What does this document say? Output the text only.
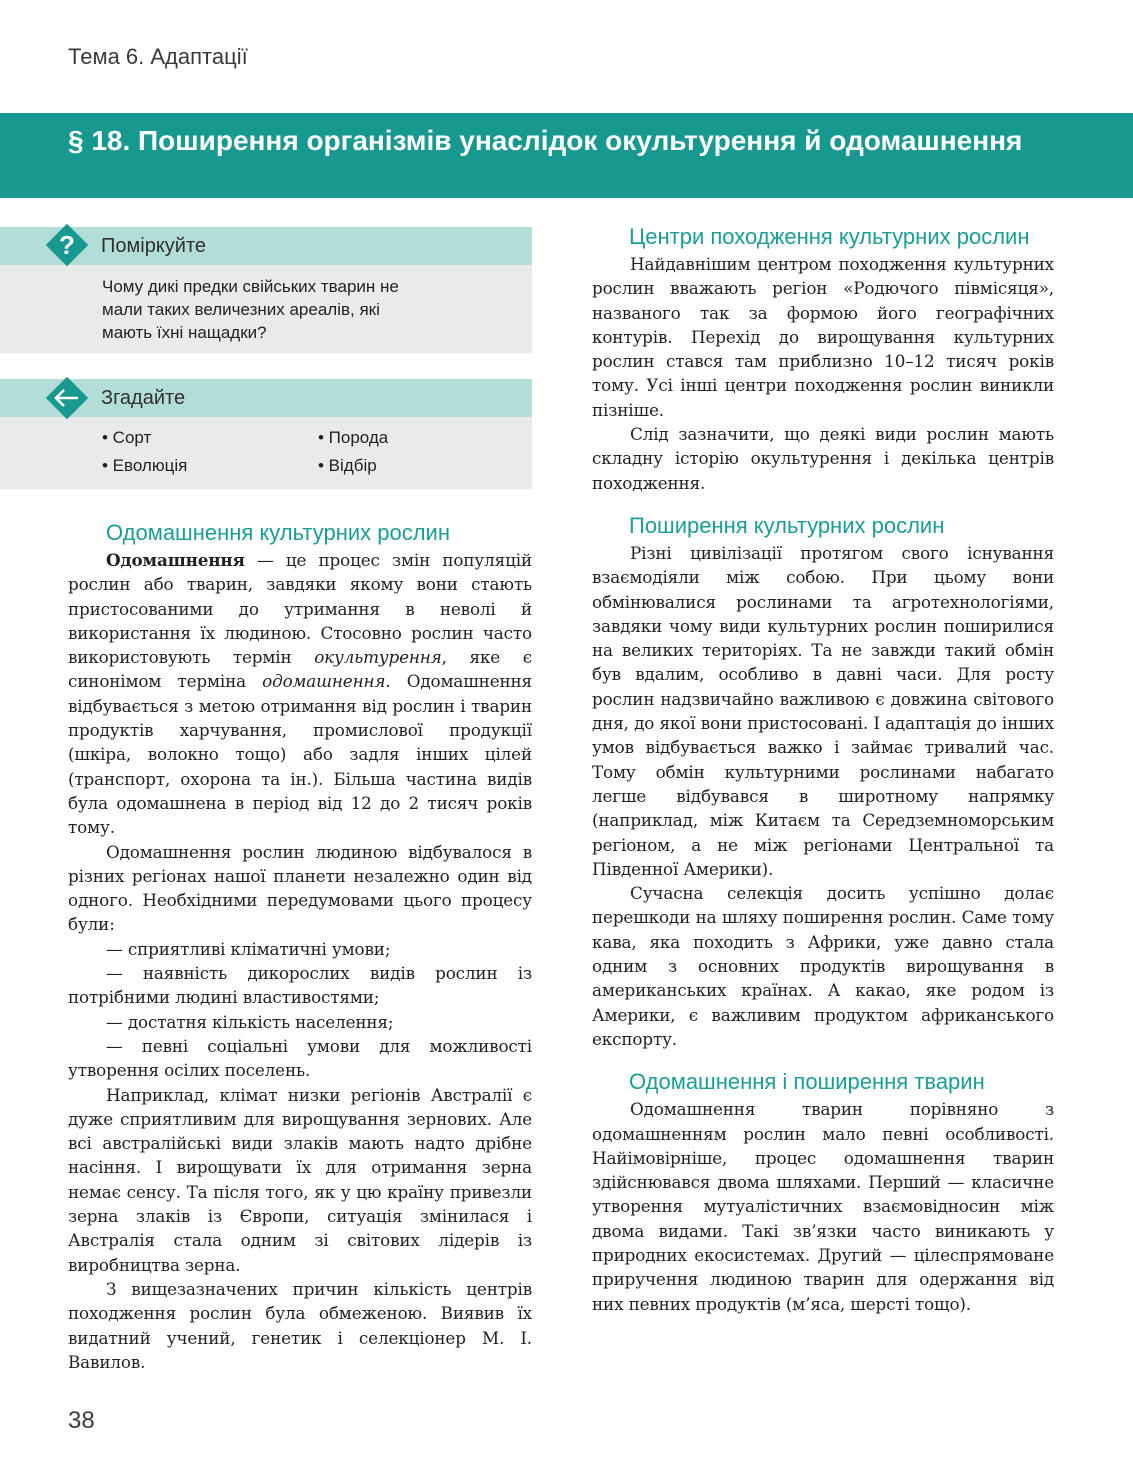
Тема 6. Адаптації
§ 18. Поширення організмів унаслідок окультурення й одомашнення
? Поміркуйте
Чому дикі предки свійських тварин не мали таких величезних ареалів, які мають їхні нащадки?
Згадайте
• Сорт	• Порода
• Еволюція	• Відбір
Одомашнення культурних рослин

Одомашнення — це процес змін популяцій рослин або тварин, завдяки якому вони стають пристосованими до утримання в неволі й використання їх людиною. Стосовно рослин часто використовують термін окультурення, яке є синонімом терміна одомашнення. Одомашнення відбувається з метою отримання від рослин і тварин продуктів харчування, промислової продукції (шкіра, волокно тощо) або задля інших цілей (транспорт, охорона та ін.). Більша частина видів була одомашнена в період від 12 до 2 тисяч років тому.

Одомашнення рослин людиною відбувалося в різних регіонах нашої планети незалежно один від одного. Необхідними передумовами цього процесу були:

— сприятливі кліматичні умови;

— наявність дикорослих видів рослин із потрібними людині властивостями;

— достатня кількість населення;

— певні соціальні умови для можливості утворення осілих поселень.

Наприклад, клімат низки регіонів Австралії є дуже сприятливим для вирощування зернових. Але всі австралійські види злаків мають надто дрібне насіння. І вирощувати їх для отримання зерна немає сенсу. Та після того, як у цю країну привезли зерна злаків із Європи, ситуація змінилася і Австралія стала одним зі світових лідерів із виробництва зерна.

З вищезазначених причин кількість центрів походження рослин була обмеженою. Виявив їх видатний учений, генетик і селекціонер М. І. Вавилов.

Центри походження культурних рослин

Найдавнішим центром походження культурних рослин вважають регіон «Родючого півмісяця», названого так за формою його географічних контурів. Перехід до вирощування культурних рослин стався там приблизно 10–12 тисяч років тому. Усі інші центри походження рослин виникли пізніше.

Слід зазначити, що деякі види рослин мають складну історію окультурення і декілька центрів походження.

Поширення культурних рослин

Різні цивілізації протягом свого існування взаємодіяли між собою. При цьому вони обмінювалися рослинами та агротехнологіями, завдяки чому види культурних рослин поширилися на великих територіях. Та не завжди такий обмін був вдалим, особливо в давні часи. Для росту рослин надзвичайно важливою є довжина світового дня, до якої вони пристосовані. І адаптація до інших умов відбувається важко і займає тривалий час. Тому обмін культурними рослинами набагато легше відбувався в широтному напрямку (наприклад, між Китаєм та Середземноморським регіоном, а не між регіонами Центральної та Південної Америки).

Сучасна селекція досить успішно долає перешкоди на шляху поширення рослин. Саме тому кава, яка походить з Африки, уже давно стала одним з основних продуктів вирощування в американських країнах. А какао, яке родом із Америки, є важливим продуктом африканського експорту.

Одомашнення і поширення тварин

Одомашнення тварин порівняно з одомашненням рослин мало певні особливості. Найімовірніше, процес одомашнення тварин здійснювався двома шляхами. Перший — класичне утворення мутуалістичних взаємовідносин між двома видами. Такі зв’язки часто виникають у природних екосистемах. Другий — цілеспрямоване приручення людиною тварин для одержання від них певних продуктів (м’яса, шерсті тощо).

38
